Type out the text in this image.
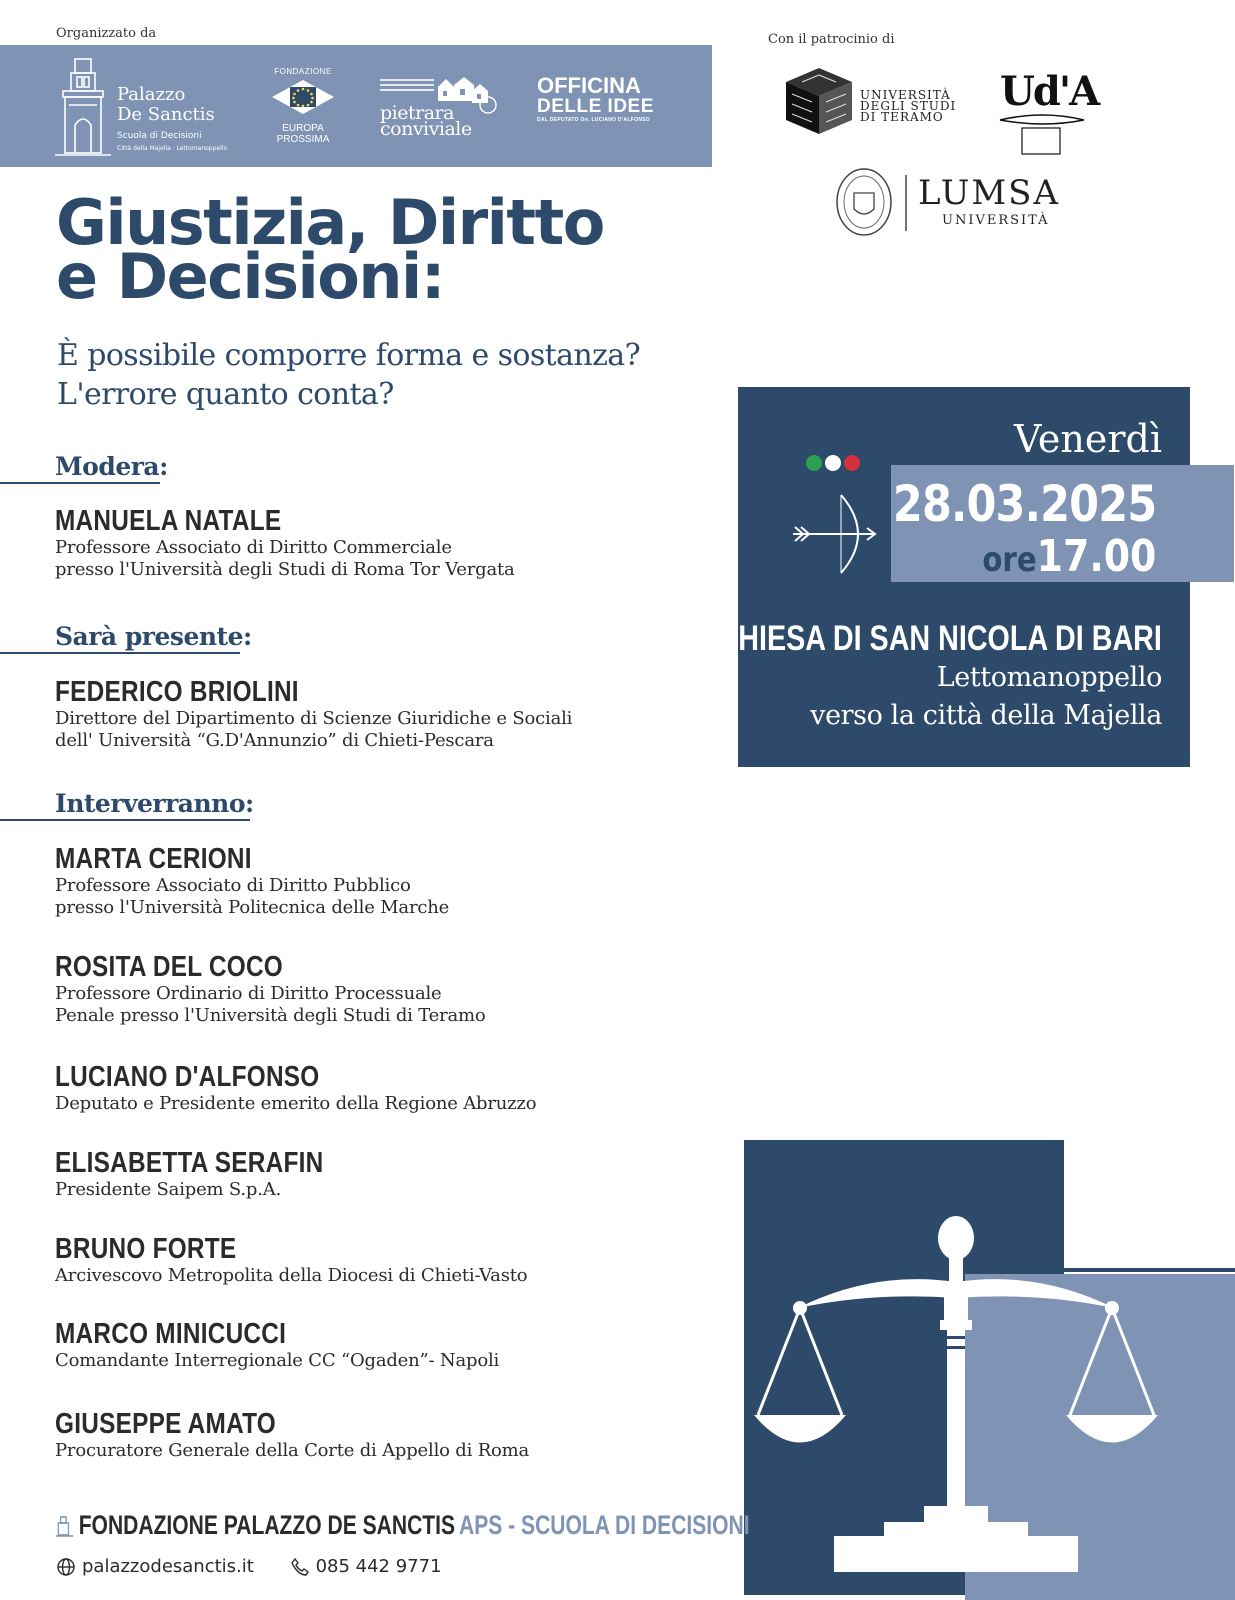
Organizzato da
Palazzo
De Sanctis
Scuola di Decisioni
Città della Majella · Lettomanoppello
FONDAZIONE
EUROPA
PROSSIMA
pietrara
conviviale
OFFICINA
DELLE IDEE
DAL DEPUTATO On. LUCIANO D'ALFONSO
Con il patrocinio di
UNIVERSITÀ
DEGLI STUDI
DI TERAMO
Ud'A
LUMSA
UNIVERSITÀ
Giustizia, Diritto
e Decisioni:
È possibile comporre forma e sostanza?
L'errore quanto conta?
Modera:
MANUELA NATALE
Professore Associato di Diritto Commerciale
presso l'Università degli Studi di Roma Tor Vergata
Sarà presente:
FEDERICO BRIOLINI
Direttore del Dipartimento di Scienze Giuridiche e Sociali
dell' Università “G.D'Annunzio” di Chieti-Pescara
Interverranno:
MARTA CERIONI
Professore Associato di Diritto Pubblico
presso l'Università Politecnica delle Marche
ROSITA DEL COCO
Professore Ordinario di Diritto Processuale
Penale presso l'Università degli Studi di Teramo
LUCIANO D'ALFONSO
Deputato e Presidente emerito della Regione Abruzzo
ELISABETTA SERAFIN
Presidente Saipem S.p.A.
BRUNO FORTE
Arcivescovo Metropolita della Diocesi di Chieti-Vasto
MARCO MINICUCCI
Comandante Interregionale CC “Ogaden”- Napoli
GIUSEPPE AMATO
Procuratore Generale della Corte di Appello di Roma
Venerdì
28.03.2025
ore17.00
CHIESA DI SAN NICOLA DI BARI
Lettomanoppello
verso la città della Majella
FONDAZIONE PALAZZO DE SANCTIS APS - SCUOLA DI DECISIONI
palazzodesanctis.it
	085 442 9771
